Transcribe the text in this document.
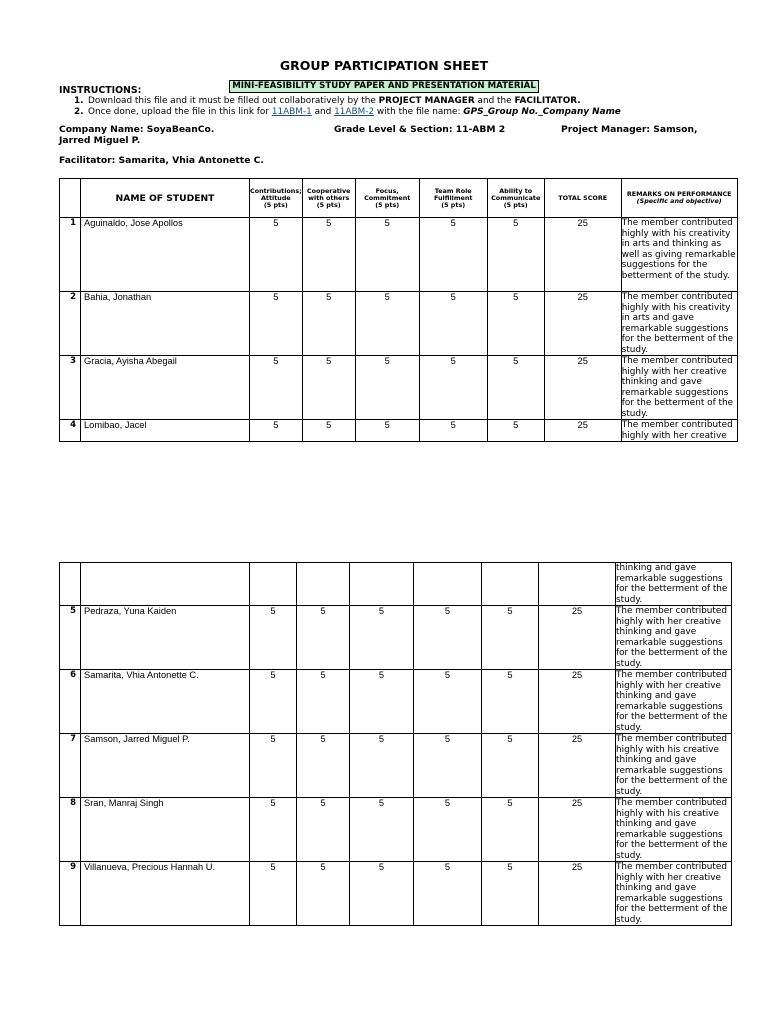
GROUP PARTICIPATION SHEET
MINI-FEASIBILITY STUDY PAPER AND PRESENTATION MATERIAL
INSTRUCTIONS:
1. Download this file and it must be filled out collaboratively by the PROJECT MANAGER and the FACILITATOR.
2. Once done, upload the file in this link for 11ABM-1 and 11ABM-2 with the file name: GPS_Group No._Company Name
Company Name: SoyaBeanCo.	Grade Level & Section: 11-ABM 2	Project Manager: Samson,
Jarred Miguel P.
Facilitator: Samarita, Vhia Antonette C.
	NAME OF STUDENT	Contributions; Attitude
(5 pts)	Cooperative with others
(5 pts)	Focus, Commitment
(5 pts)	Team Role Fulfillment
(5 pts)	Ability to Communicate
(5 pts)	TOTAL SCORE	REMARKS ON PERFORMANCE
(Specific and objective)

1	Aguinaldo, Jose Apollos	5	5	5	5	5	25	The member contributed highly with his creativity in arts and thinking as well as giving remarkable suggestions for the betterment of the study.
2	Bahia, Jonathan	5	5	5	5	5	25	The member contributed highly with his creativity in arts and gave remarkable suggestions for the betterment of the study.
3	Gracia, Ayisha Abegail	5	5	5	5	5	25	The member contributed highly with her creative thinking and gave remarkable suggestions for the betterment of the study.
4	Lomibao, Jacel	5	5	5	5	5	25	The member contributed highly with her creative
								thinking and gave remarkable suggestions for the betterment of the study.
5	Pedraza, Yuna Kaiden	5	5	5	5	5	25	The member contributed highly with her creative thinking and gave remarkable suggestions for the betterment of the study.
6	Samarita, Vhia Antonette C.	5	5	5	5	5	25	The member contributed highly with her creative thinking and gave remarkable suggestions for the betterment of the study.
7	Samson, Jarred Miguel P.	5	5	5	5	5	25	The member contributed highly with his creative thinking and gave remarkable suggestions for the betterment of the study.
8	Sran, Manraj Singh	5	5	5	5	5	25	The member contributed highly with his creative thinking and gave remarkable suggestions for the betterment of the study.
9	Villanueva, Precious Hannah U.	5	5	5	5	5	25	The member contributed highly with her creative thinking and gave remarkable suggestions for the betterment of the study.
